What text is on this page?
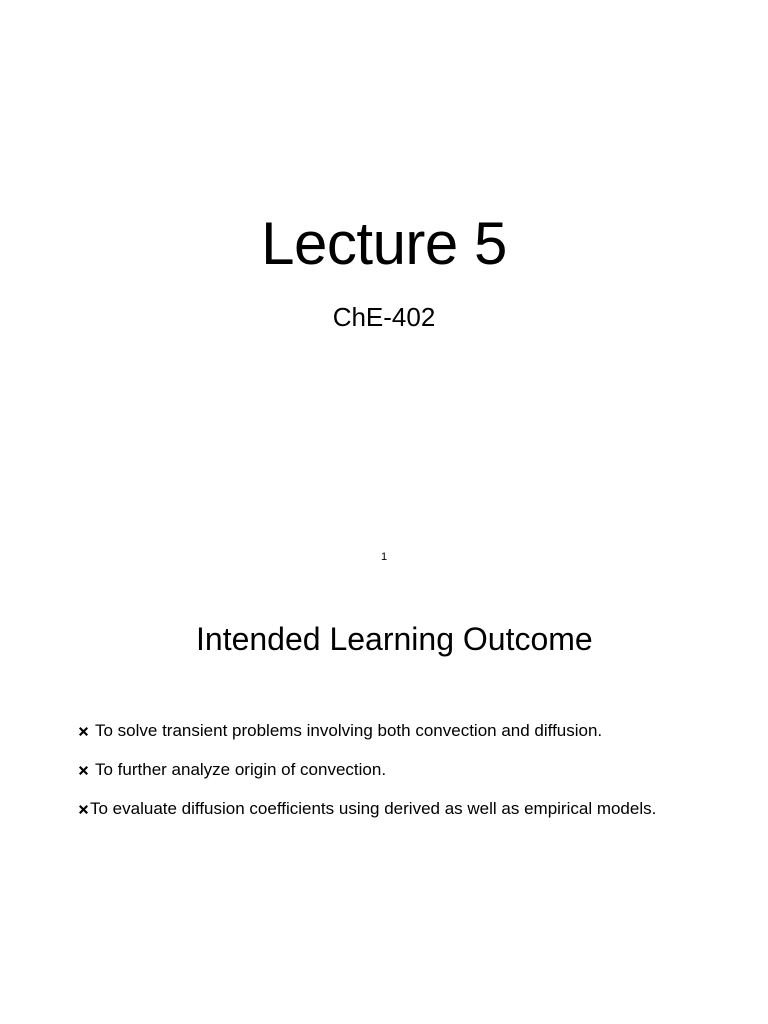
Lecture 5
ChE-402
1
Intended Learning Outcome
To solve transient problems involving both convection and diffusion.
To further analyze origin of convection.
To evaluate diffusion coefficients using derived as well as empirical models.
